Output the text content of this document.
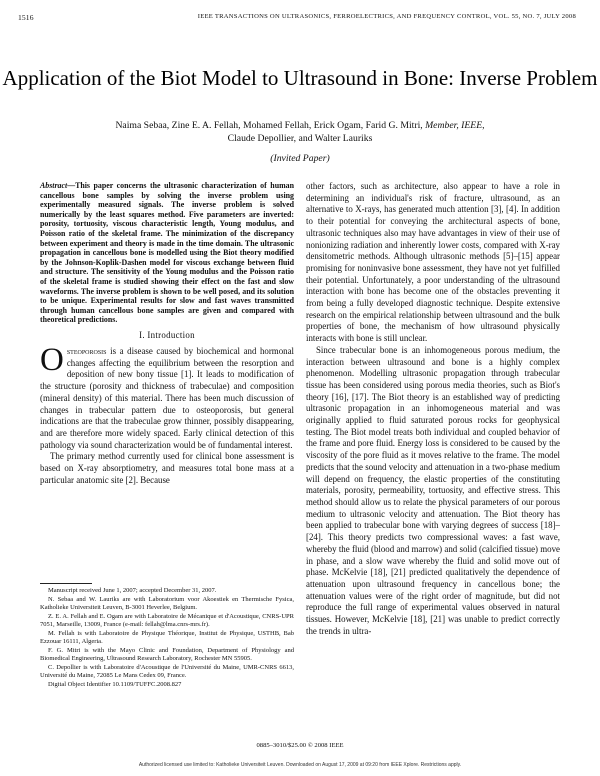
1516	IEEE TRANSACTIONS ON ULTRASONICS, FERROELECTRICS, AND FREQUENCY CONTROL, VOL. 55, NO. 7, JULY 2008
Application of the Biot Model to Ultrasound in Bone: Inverse Problem
Naima Sebaa, Zine E. A. Fellah, Mohamed Fellah, Erick Ogam, Farid G. Mitri, Member, IEEE,
Claude Depollier, and Walter Lauriks
(Invited Paper)
Abstract—This paper concerns the ultrasonic characterization of human cancellous bone samples by solving the inverse problem using experimentally measured signals. The inverse problem is solved numerically by the least squares method. Five parameters are inverted: porosity, tortuosity, viscous characteristic length, Young modulus, and Poisson ratio of the skeletal frame. The minimization of the discrepancy between experiment and theory is made in the time domain. The ultrasonic propagation in cancellous bone is modelled using the Biot theory modified by the Johnson-Koplik-Dashen model for viscous exchange between fluid and structure. The sensitivity of the Young modulus and the Poisson ratio of the skeletal frame is studied showing their effect on the fast and slow waveforms. The inverse problem is shown to be well posed, and its solution to be unique. Experimental results for slow and fast waves transmitted through human cancellous bone samples are given and compared with theoretical predictions.
I. Introduction

Osteoporosis is a disease caused by biochemical and hormonal changes affecting the equilibrium between the resorption and deposition of new bony tissue [1]. It leads to modification of the structure (porosity and thickness of trabeculae) and composition (mineral density) of this material. There has been much discussion of changes in trabecular pattern due to osteoporosis, but general indications are that the trabeculae grow thinner, possibly disappearing, and are therefore more widely spaced. Early clinical detection of this pathology via sound characterization would be of fundamental interest.

The primary method currently used for clinical bone assessment is based on X-ray absorptiometry, and measures total bone mass at a particular anatomic site [2]. Because

Manuscript received June 1, 2007; accepted December 31, 2007.

N. Sebaa and W. Lauriks are with Laboratorium voor Akoestiek en Thermische Fysica, Katholieke Universiteit Leuven, B-3001 Heverlee, Belgium.

Z. E. A. Fellah and E. Ogam are with Laboratoire de Mécanique et d'Acoustique, CNRS-UPR 7051, Marseille, 13009, France (e-mail: fellah@lma.cnrs-mrs.fr).

M. Fellah is with Laboratoire de Physique Théorique, Institut de Physique, USTHB, Bab Ezzouar 16111, Algeria.

F. G. Mitri is with the Mayo Clinic and Foundation, Department of Physiology and Biomedical Engineering, Ultrasound Research Laboratory, Rochester MN 55905.

C. Depollier is with Laboratoire d'Acoustique de l'Université du Maine, UMR-CNRS 6613, Université du Maine, 72085 Le Mans Cedex 09, France.

Digital Object Identifier 10.1109/TUFFC.2008.827

other factors, such as architecture, also appear to have a role in determining an individual's risk of fracture, ultrasound, as an alternative to X-rays, has generated much attention [3], [4]. In addition to their potential for conveying the architectural aspects of bone, ultrasonic techniques also may have advantages in view of their use of nonionizing radiation and inherently lower costs, compared with X-ray densitometric methods. Although ultrasonic methods [5]–[15] appear promising for noninvasive bone assessment, they have not yet fulfilled their potential. Unfortunately, a poor understanding of the ultrasound interaction with bone has become one of the obstacles preventing it from being a fully developed diagnostic technique. Despite extensive research on the empirical relationship between ultrasound and the bulk properties of bone, the mechanism of how ultrasound physically interacts with bone is still unclear.

Since trabecular bone is an inhomogeneous porous medium, the interaction between ultrasound and bone is a highly complex phenomenon. Modelling ultrasonic propagation through trabecular tissue has been considered using porous media theories, such as Biot's theory [16], [17]. The Biot theory is an established way of predicting ultrasonic propagation in an inhomogeneous material and was originally applied to fluid saturated porous rocks for geophysical testing. The Biot model treats both individual and coupled behavior of the frame and pore fluid. Energy loss is considered to be caused by the viscosity of the pore fluid as it moves relative to the frame. The model predicts that the sound velocity and attenuation in a two-phase medium will depend on frequency, the elastic properties of the constituting materials, porosity, permeability, tortuosity, and effective stress. This method should allow us to relate the physical parameters of our porous medium to ultrasonic velocity and attenuation. The Biot theory has been applied to trabecular bone with varying degrees of success [18]–[24]. This theory predicts two compressional waves: a fast wave, whereby the fluid (blood and marrow) and solid (calcified tissue) move in phase, and a slow wave whereby the fluid and solid move out of phase. McKelvie [18], [21] predicted qualitatively the dependence of attenuation upon ultrasound frequency in cancellous bone; the attenuation values were of the right order of magnitude, but did not reproduce the full range of experimental values observed in natural tissues. However, McKelvie [18], [21] was unable to predict correctly the trends in ultra-

0885–3010/$25.00 © 2008 IEEE
Authorized licensed use limited to: Katholieke Universiteit Leuven. Downloaded on August 17, 2009 at 09:20 from IEEE Xplore. Restrictions apply.
